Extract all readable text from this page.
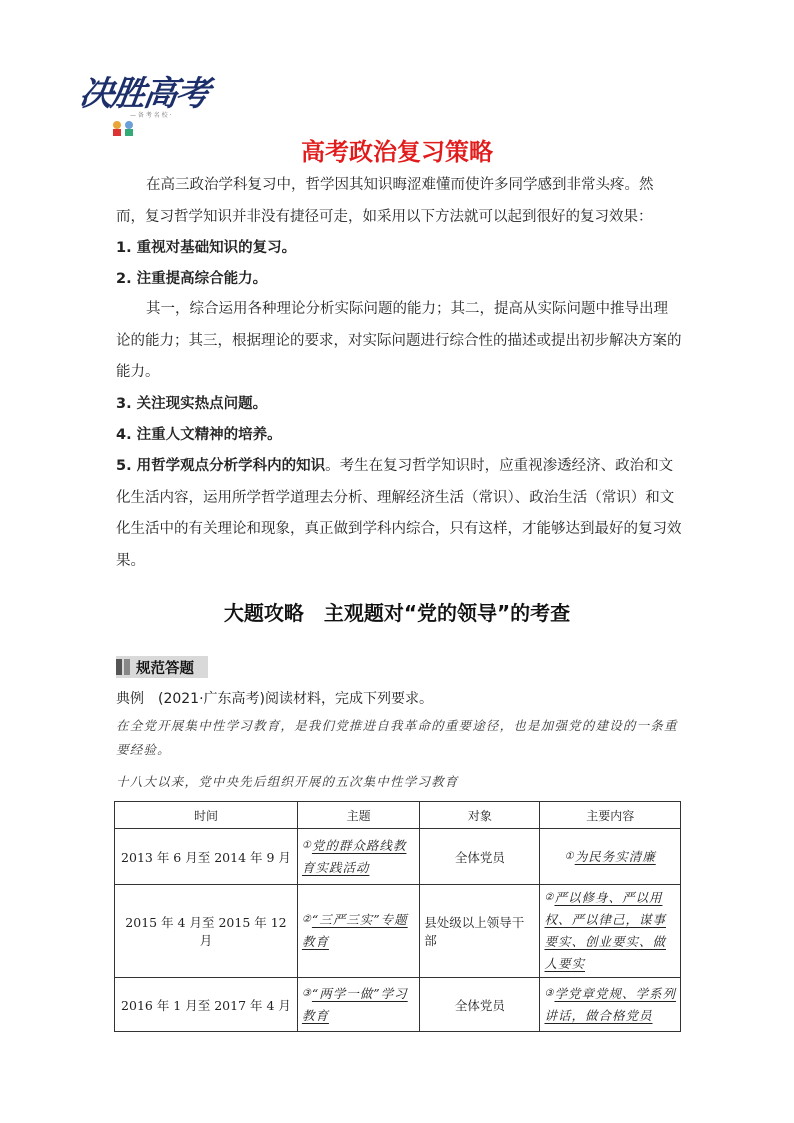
决胜高考
— 备 考 名 校 ·
高考政治复习策略
在高三政治学科复习中，哲学因其知识晦涩难懂而使许多同学感到非常头疼。然而，复习哲学知识并非没有捷径可走，如采用以下方法就可以起到很好的复习效果：
1. 重视对基础知识的复习。
2. 注重提高综合能力。
其一，综合运用各种理论分析实际问题的能力；其二，提高从实际问题中推导出理论的能力；其三，根据理论的要求，对实际问题进行综合性的描述或提出初步解决方案的能力。
3. 关注现实热点问题。
4. 注重人文精神的培养。
5. 用哲学观点分析学科内的知识。考生在复习哲学知识时，应重视渗透经济、政治和文化生活内容，运用所学哲学道理去分析、理解经济生活（常识）、政治生活（常识）和文化生活中的有关理论和现象，真正做到学科内综合，只有这样，才能够达到最好的复习效果。
大题攻略　主观题对“党的领导”的考查
规范答题
典例 (2021·广东高考)阅读材料，完成下列要求。
在全党开展集中性学习教育，是我们党推进自我革命的重要途径，也是加强党的建设的一条重要经验。
十八大以来，党中央先后组织开展的五次集中性学习教育
时间	主题	对象	主要内容
2013 年 6 月至 2014 年 9 月	①党的群众路线教育实践活动	全体党员	①为民务实清廉
2015 年 4 月至 2015 年 12 月	②“三严三实”专题教育	县处级以上领导干部	②严以修身、严以用权、严以律己，谋事要实、创业要实、做人要实
2016 年 1 月至 2017 年 4 月	③“两学一做”学习教育	全体党员	③学党章党规、学系列讲话，做合格党员
